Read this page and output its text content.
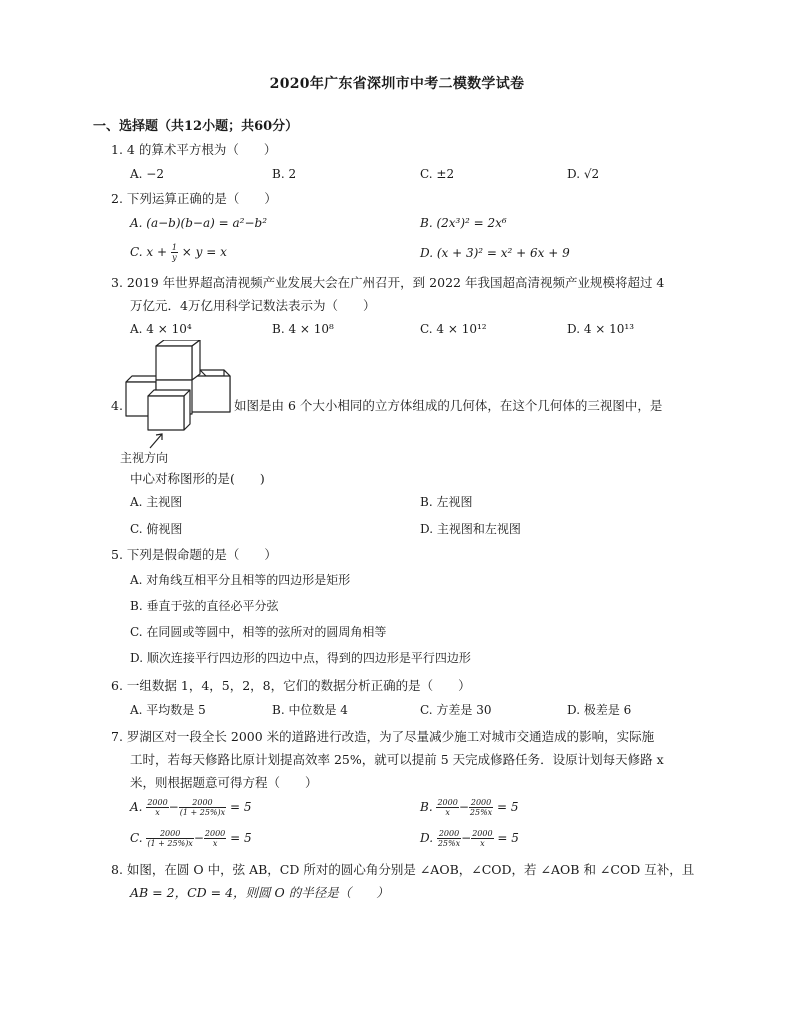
2020年广东省深圳市中考二模数学试卷
一、选择题（共12小题；共60分）
1. 4 的算术平方根为（　　）
A. −2	B. 2	C. ±2	D. √2
2. 下列运算正确的是（　　）
A. (a−b)(b−a) = a²−b²	B. (2x³)² = 2x⁶
C. $x + \frac{1}{y} \times y = x$	D. (x + 3)² = x² + 6x + 9
3. 2019 年世界超高清视频产业发展大会在广州召开，到 2022 年我国超高清视频产业规模将超过 4
万亿元．4万亿用科学记数法表示为（　　）
A. 4 × 10⁴	B. 4 × 10⁸	C. 4 × 10¹²	D. 4 × 10¹³
4.
主视方向
如图是由 6 个大小相同的立方体组成的几何体，在这个几何体的三视图中，是
中心对称图形的是(　　)
A. 主视图	B. 左视图
C. 俯视图	D. 主视图和左视图
5. 下列是假命题的是（　　）
A. 对角线互相平分且相等的四边形是矩形
B. 垂直于弦的直径必平分弦
C. 在同圆或等圆中，相等的弦所对的圆周角相等
D. 顺次连接平行四边形的四边中点，得到的四边形是平行四边形
6. 一组数据 1，4，5，2，8，它们的数据分析正确的是（　　）
A. 平均数是 5	B. 中位数是 4	C. 方差是 30	D. 极差是 6
7. 罗湖区对一段全长 2000 米的道路进行改造，为了尽量减少施工对城市交通造成的影响，实际施
工时，若每天修路比原计划提高效率 25%，就可以提前 5 天完成修路任务．设原计划每天修路 x
米，则根据题意可得方程（　　）
A. $\frac{2000}{x} - \frac{2000}{(1 + 25\%)x} = 5$	B. $\frac{2000}{x} - \frac{2000}{25\%x} = 5$
C. $\frac{2000}{(1 + 25\%)x} - \frac{2000}{x} = 5$	D. $\frac{2000}{25\%x} - \frac{2000}{x} = 5$
8. 如图，在圆 O 中，弦 AB，CD 所对的圆心角分别是 ∠AOB，∠COD，若 ∠AOB 和 ∠COD 互补，且
AB = 2，CD = 4，则圆 O 的半径是（　　）
